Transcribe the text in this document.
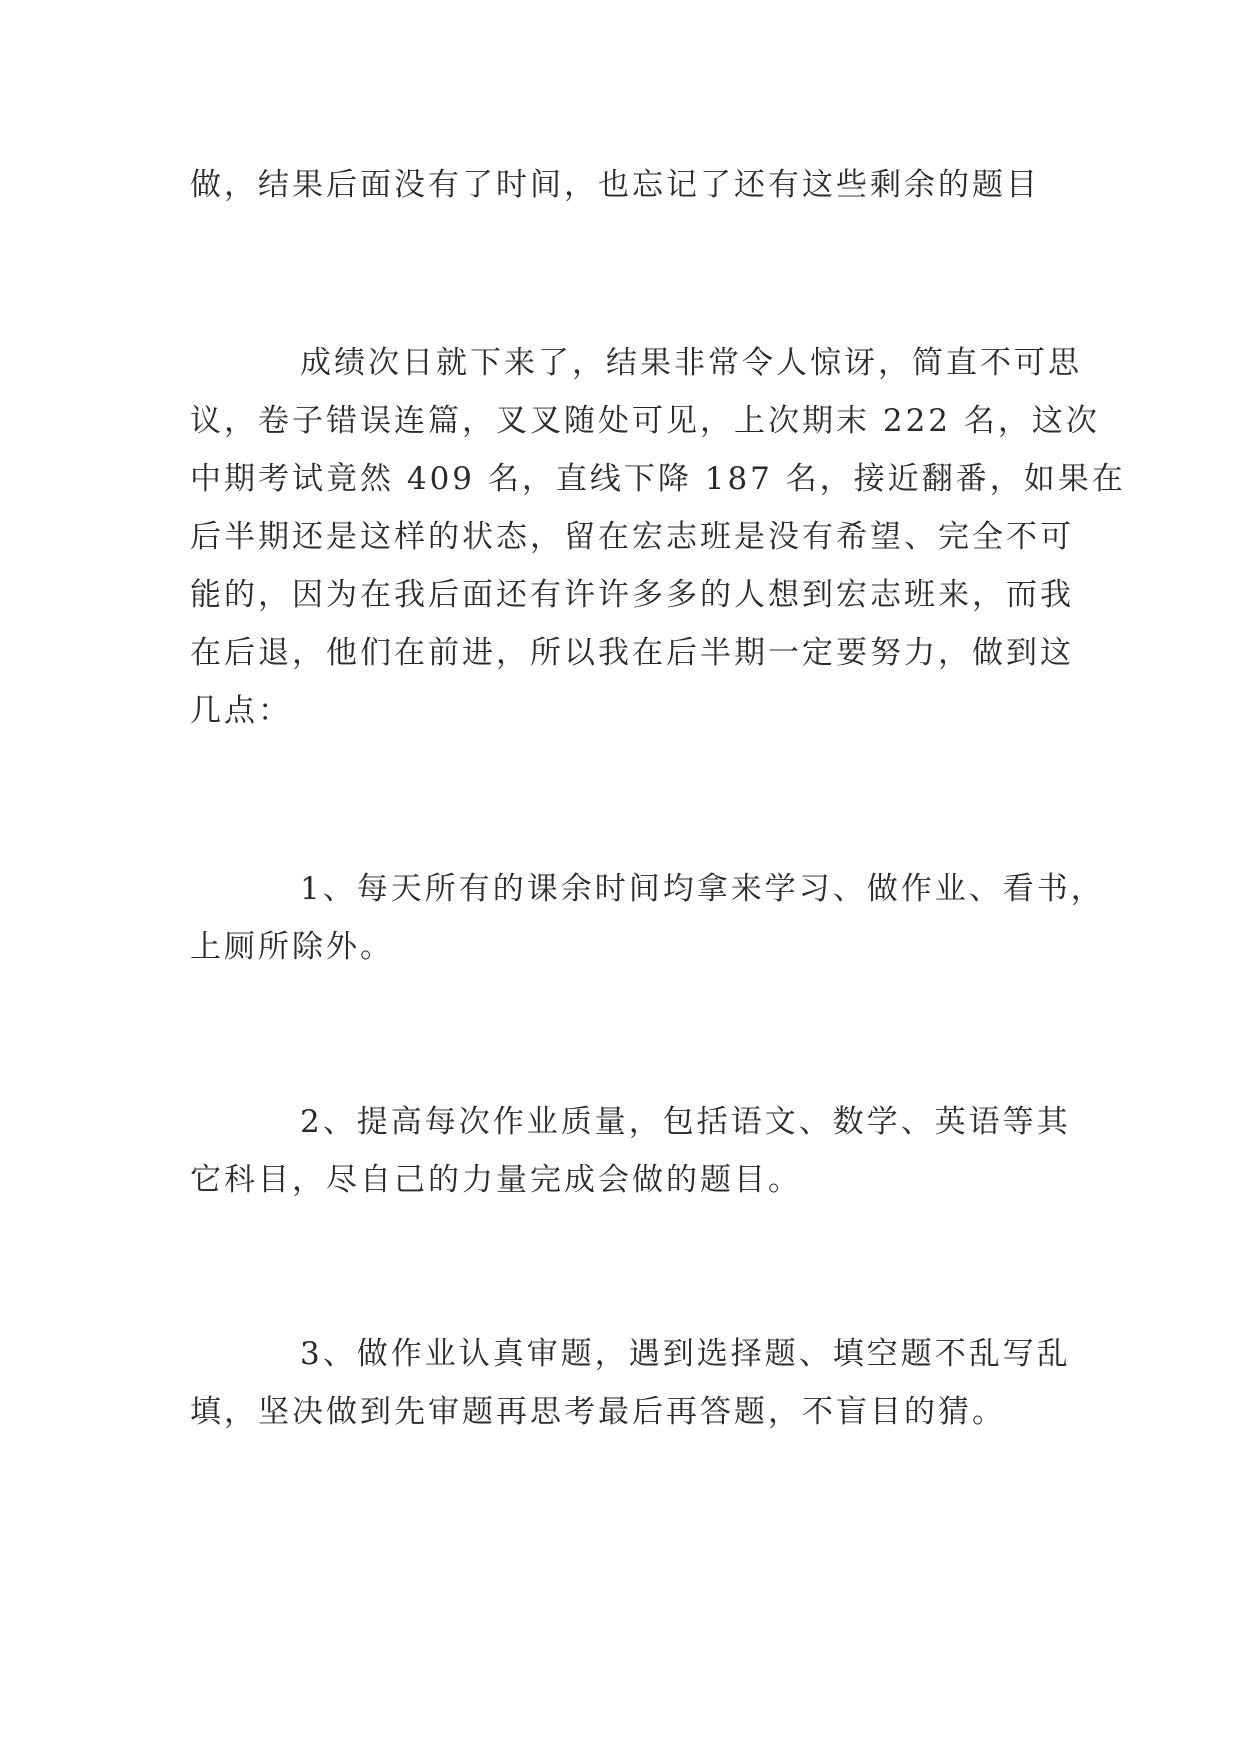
做，结果后面没有了时间，也忘记了还有这些剩余的题目

成绩次日就下来了，结果非常令人惊讶，简直不可思
议，卷子错误连篇，叉叉随处可见，上次期末 222 名，这次
中期考试竟然 409 名，直线下降 187 名，接近翻番，如果在
后半期还是这样的状态，留在宏志班是没有希望、完全不可
能的，因为在我后面还有许许多多的人想到宏志班来，而我
在后退，他们在前进，所以我在后半期一定要努力，做到这
几点：

1、每天所有的课余时间均拿来学习、做作业、看书，
上厕所除外。

2、提高每次作业质量，包括语文、数学、英语等其
它科目，尽自己的力量完成会做的题目。

3、做作业认真审题，遇到选择题、填空题不乱写乱
填，坚决做到先审题再思考最后再答题，不盲目的猜。
